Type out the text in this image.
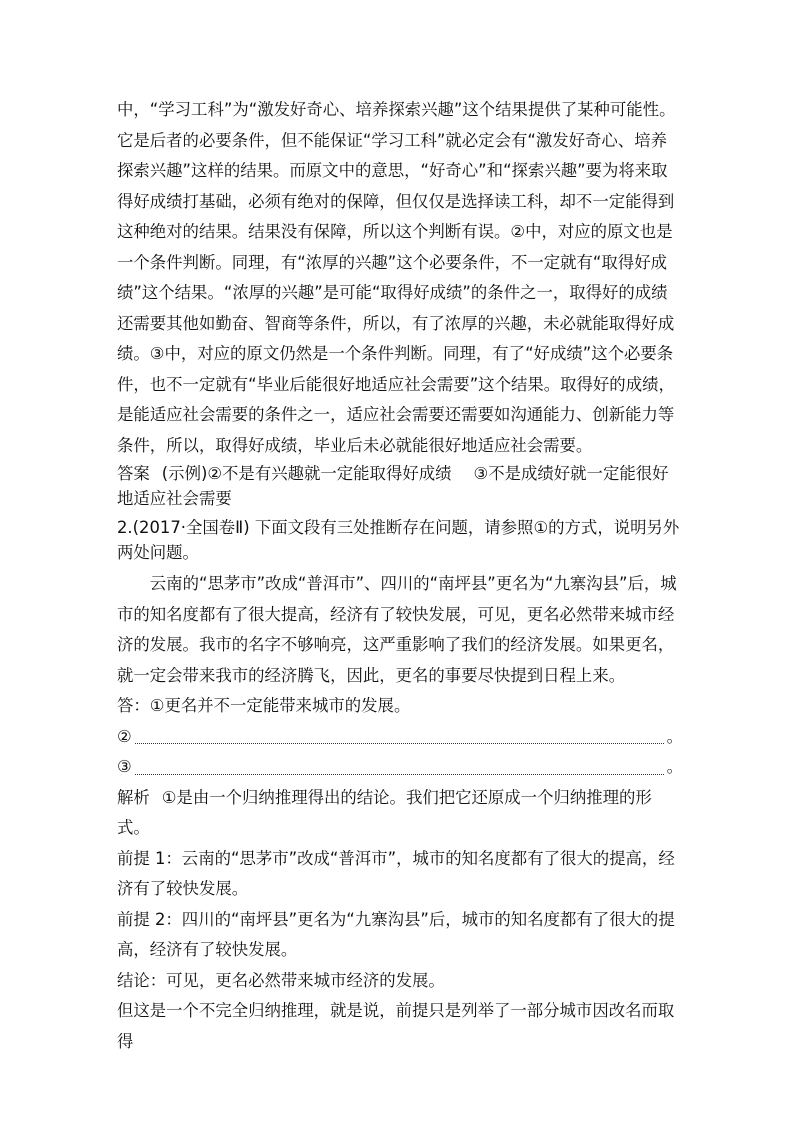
中，“学习工科”为“激发好奇心、培养探索兴趣”这个结果提供了某种可能性。它是后者的必要条件，但不能保证“学习工科”就必定会有“激发好奇心、培养探索兴趣”这样的结果。而原文中的意思，“好奇心”和“探索兴趣”要为将来取得好成绩打基础，必须有绝对的保障，但仅仅是选择读工科，却不一定能得到这种绝对的结果。结果没有保障，所以这个判断有误。②中，对应的原文也是一个条件判断。同理，有“浓厚的兴趣”这个必要条件，不一定就有“取得好成绩”这个结果。“浓厚的兴趣”是可能“取得好成绩”的条件之一，取得好的成绩还需要其他如勤奋、智商等条件，所以，有了浓厚的兴趣，未必就能取得好成绩。③中，对应的原文仍然是一个条件判断。同理，有了“好成绩”这个必要条件，也不一定就有“毕业后能很好地适应社会需要”这个结果。取得好的成绩，是能适应社会需要的条件之一，适应社会需要还需要如沟通能力、创新能力等条件，所以，取得好成绩，毕业后未必就能很好地适应社会需要。

答案 (示例)②不是有兴趣就一定能取得好成绩 ③不是成绩好就一定能很好地适应社会需要

2.(2017·全国卷Ⅱ) 下面文段有三处推断存在问题，请参照①的方式，说明另外两处问题。

云南的“思茅市”改成“普洱市”、四川的“南坪县”更名为“九寨沟县”后，城市的知名度都有了很大提高，经济有了较快发展，可见，更名必然带来城市经济的发展。我市的名字不够响亮，这严重影响了我们的经济发展。如果更名，就一定会带来我市的经济腾飞，因此，更名的事要尽快提到日程上来。

答：①更名并不一定能带来城市的发展。

②	。
③	。

解析 ①是由一个归纳推理得出的结论。我们把它还原成一个归纳推理的形式。

前提 1：云南的“思茅市”改成“普洱市”，城市的知名度都有了很大的提高，经济有了较快发展。

前提 2：四川的“南坪县”更名为“九寨沟县”后，城市的知名度都有了很大的提高，经济有了较快发展。

结论：可见，更名必然带来城市经济的发展。

但这是一个不完全归纳推理，就是说，前提只是列举了一部分城市因改名而取得
